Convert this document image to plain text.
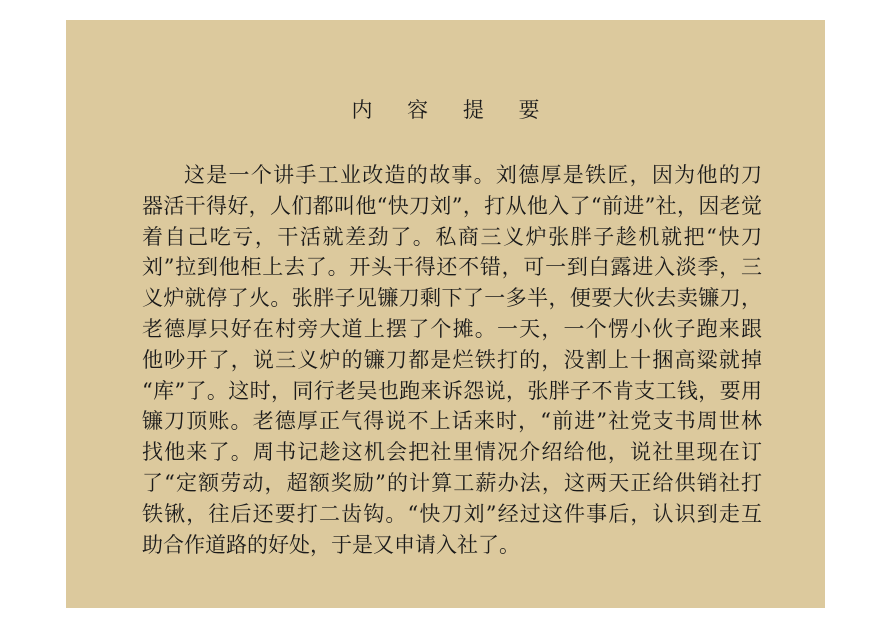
内 容 提 要
这是一个讲手工业改造的故事。刘德厚是铁匠，因为他的刀
器活干得好，人们都叫他“快刀刘”，打从他入了“前进”社，因老觉
着自己吃亏，干活就差劲了。私商三义炉张胖子趁机就把“快刀
刘”拉到他柜上去了。开头干得还不错，可一到白露进入淡季，三
义炉就停了火。张胖子见镰刀剩下了一多半，便要大伙去卖镰刀，
老德厚只好在村旁大道上摆了个摊。一天，一个愣小伙子跑来跟
他吵开了，说三义炉的镰刀都是烂铁打的，没割上十捆高粱就掉
“库”了。这时，同行老吴也跑来诉怨说，张胖子不肯支工钱，要用
镰刀顶账。老德厚正气得说不上话来时，“前进”社党支书周世林
找他来了。周书记趁这机会把社里情况介绍给他，说社里现在订
了“定额劳动，超额奖励”的计算工薪办法，这两天正给供销社打
铁锹，往后还要打二齿钩。“快刀刘”经过这件事后，认识到走互
助合作道路的好处，于是又申请入社了。
